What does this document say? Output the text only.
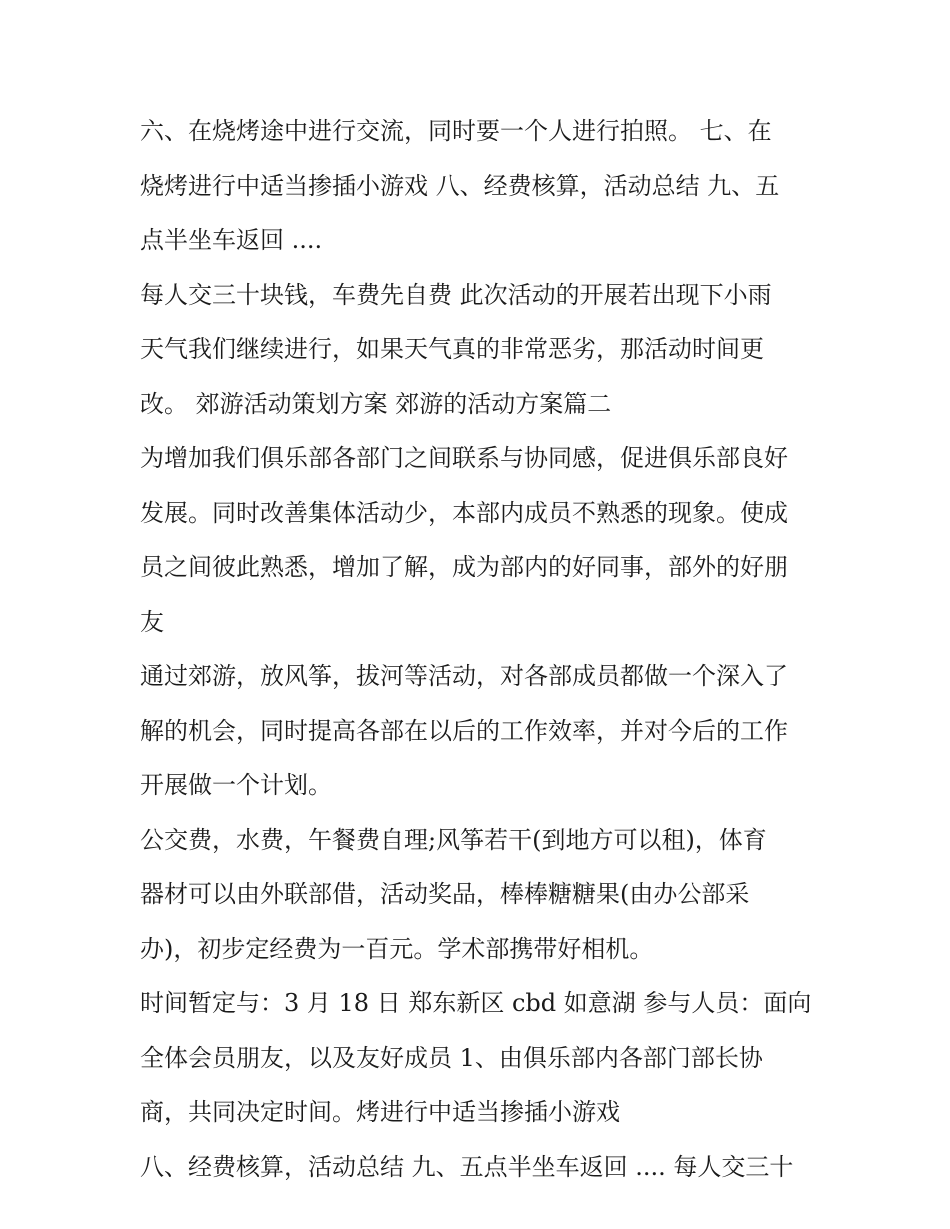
六、在烧烤途中进行交流，同时要一个人进行拍照。 七、在
烧烤进行中适当掺插小游戏 八、经费核算，活动总结 九、五
点半坐车返回 ....

每人交三十块钱，车费先自费 此次活动的开展若出现下小雨
天气我们继续进行，如果天气真的非常恶劣，那活动时间更
改。 郊游活动策划方案 郊游的活动方案篇二

为增加我们俱乐部各部门之间联系与协同感，促进俱乐部良好
发展。同时改善集体活动少，本部内成员不熟悉的现象。使成
员之间彼此熟悉，增加了解，成为部内的好同事，部外的好朋
友

通过郊游，放风筝，拔河等活动，对各部成员都做一个深入了
解的机会，同时提高各部在以后的工作效率，并对今后的工作
开展做一个计划。

公交费，水费，午餐费自理;风筝若干(到地方可以租)，体育
器材可以由外联部借，活动奖品，棒棒糖糖果(由办公部采
办)，初步定经费为一百元。学术部携带好相机。

时间暂定与：3 月 18 日 郑东新区 cbd 如意湖 参与人员：面向
全体会员朋友，以及友好成员 1、由俱乐部内各部门部长协
商，共同决定时间。烤进行中适当掺插小游戏

八、经费核算，活动总结 九、五点半坐车返回 .... 每人交三十
